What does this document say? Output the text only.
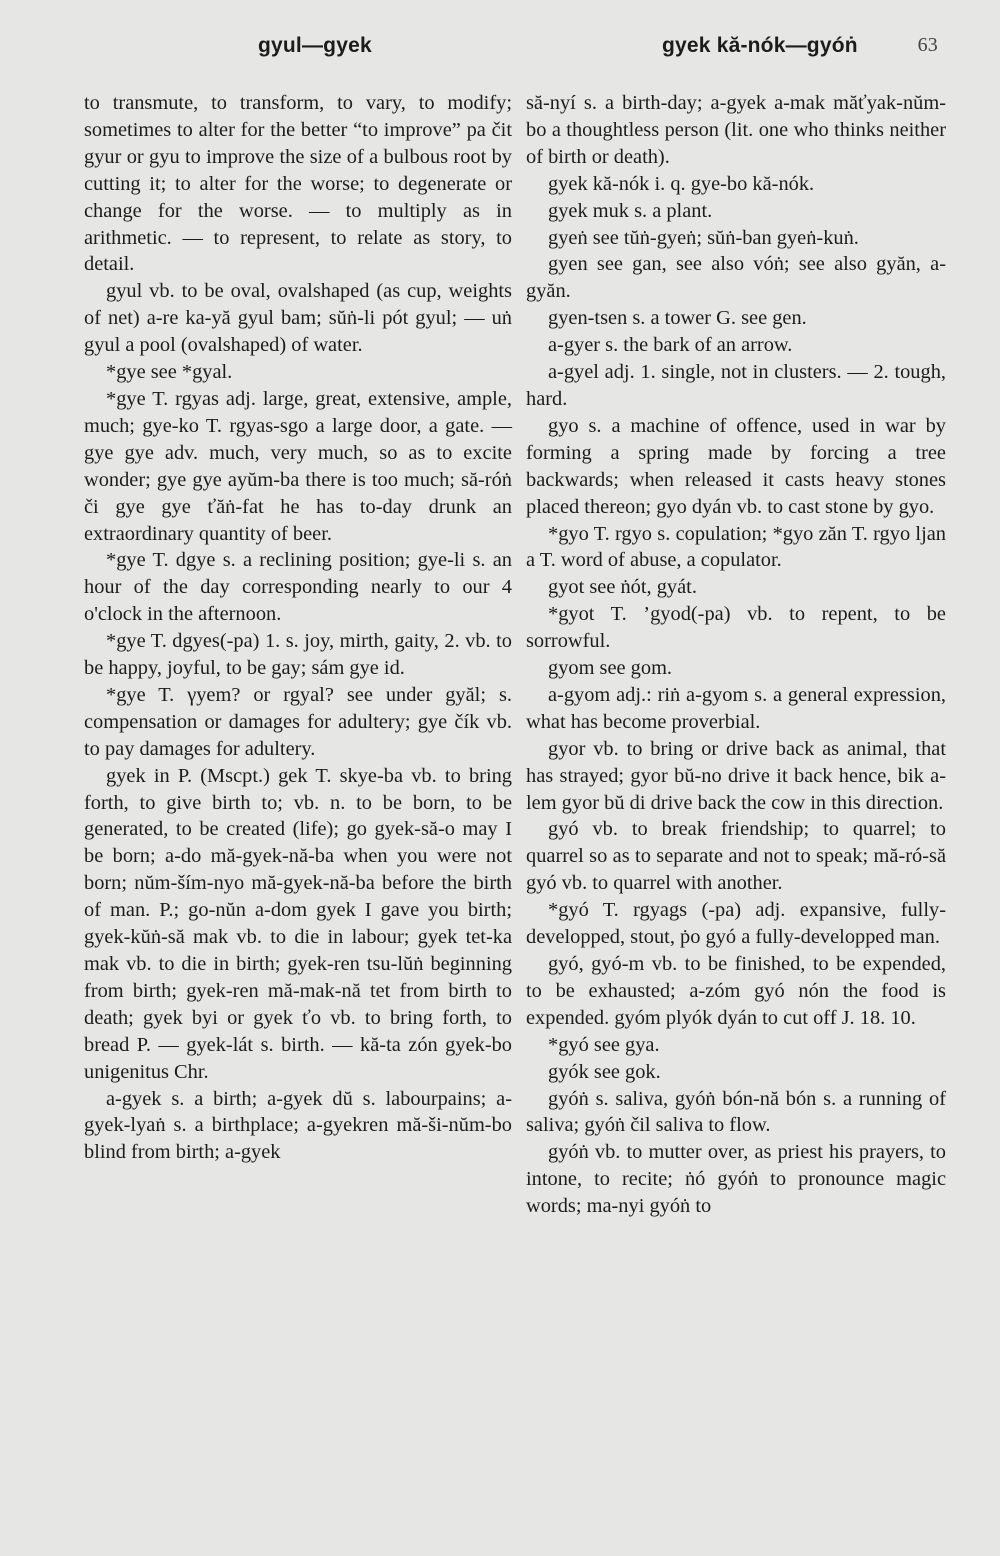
gyul—gyek	gyek kă-nók—gyóṅ	63

to transmute, to transform, to vary, to modify; sometimes to alter for the better “to improve” pa čit gyur or gyu to improve the size of a bulbous root by cutting it; to alter for the worse; to degenerate or change for the worse. — to multiply as in arithmetic. — to represent, to relate as story, to detail.

gyul vb. to be oval, ovalshaped (as cup, weights of net) a-re ka-yă gyul bam; sŭṅ-li pót gyul; — uṅ gyul a pool (ovalshaped) of water.

*gye see *gyal.

*gye T. rgyas adj. large, great, extensive, ample, much; gye-ko T. rgyas-sgo a large door, a gate. — gye gye adv. much, very much, so as to excite wonder; gye gye ayŭm-ba there is too much; să-róṅ či gye gye ťăṅ-fat he has to-day drunk an extraordinary quantity of beer.

*gye T. dgye s. a reclining position; gye-li s. an hour of the day corresponding nearly to our 4 o'clock in the afternoon.

*gye T. dgyes(-pa) 1. s. joy, mirth, gaity, 2. vb. to be happy, joyful, to be gay; sám gye id.

*gye T. γyem? or rgyal? see under gyăl; s. compensation or damages for adultery; gye čík vb. to pay damages for adultery.

gyek in P. (Mscpt.) gek T. skye-ba vb. to bring forth, to give birth to; vb. n. to be born, to be generated, to be created (life); go gyek-să-o may I be born; a-do mă-gyek-nă-ba when you were not born; nŭm-ším-nyo mă-gyek-nă-ba before the birth of man. P.; go-nŭn a-dom gyek I gave you birth; gyek-kŭṅ-să mak vb. to die in labour; gyek tet-ka mak vb. to die in birth; gyek-ren tsu-lŭṅ beginning from birth; gyek-ren mă-mak-nă tet from birth to death; gyek byi or gyek ťo vb. to bring forth, to bread P. — gyek-lát s. birth. — kă-ta zón gyek-bo unigenitus Chr.

a-gyek s. a birth; a-gyek dŭ s. labourpains; a-gyek-lyaṅ s. a birthplace; a-gyekren mă-ši-nŭm-bo blind from birth; a-gyek

să-nyí s. a birth-day; a-gyek a-mak măťyak-nŭm-bo a thoughtless person (lit. one who thinks neither of birth or death).

gyek kă-nók i. q. gye-bo kă-nók.

gyek muk s. a plant.

gyeṅ see tŭṅ-gyeṅ; sŭṅ-ban gyeṅ-kuṅ.

gyen see gan, see also vóṅ; see also gyăn, a-gyăn.

gyen-tsen s. a tower G. see gen.

a-gyer s. the bark of an arrow.

a-gyel adj. 1. single, not in clusters. — 2. tough, hard.

gyo s. a machine of offence, used in war by forming a spring made by forcing a tree backwards; when released it casts heavy stones placed thereon; gyo dyán vb. to cast stone by gyo.

*gyo T. rgyo s. copulation; *gyo zăn T. rgyo ljan a T. word of abuse, a copulator.

gyot see ṅót, gyát.

*gyot T. ’gyod(-pa) vb. to repent, to be sorrowful.

gyom see gom.

a-gyom adj.: riṅ a-gyom s. a general expression, what has become proverbial.

gyor vb. to bring or drive back as animal, that has strayed; gyor bŭ-no drive it back hence, bik a-lem gyor bŭ di drive back the cow in this direction.

gyó vb. to break friendship; to quarrel; to quarrel so as to separate and not to speak; mă-ró-să gyó vb. to quarrel with another.

*gyó T. rgyags (-pa) adj. expansive, fully-developped, stout, ṗo gyó a fully-developped man.

gyó, gyó-m vb. to be finished, to be expended, to be exhausted; a-zóm gyó nón the food is expended. gyóm plyók dyán to cut off J. 18. 10.

*gyó see gya.

gyók see gok.

gyóṅ s. saliva, gyóṅ bón-nă bón s. a running of saliva; gyóṅ čil saliva to flow.

gyóṅ vb. to mutter over, as priest his prayers, to intone, to recite; ṅó gyóṅ to pronounce magic words; ma-nyi gyóṅ to
